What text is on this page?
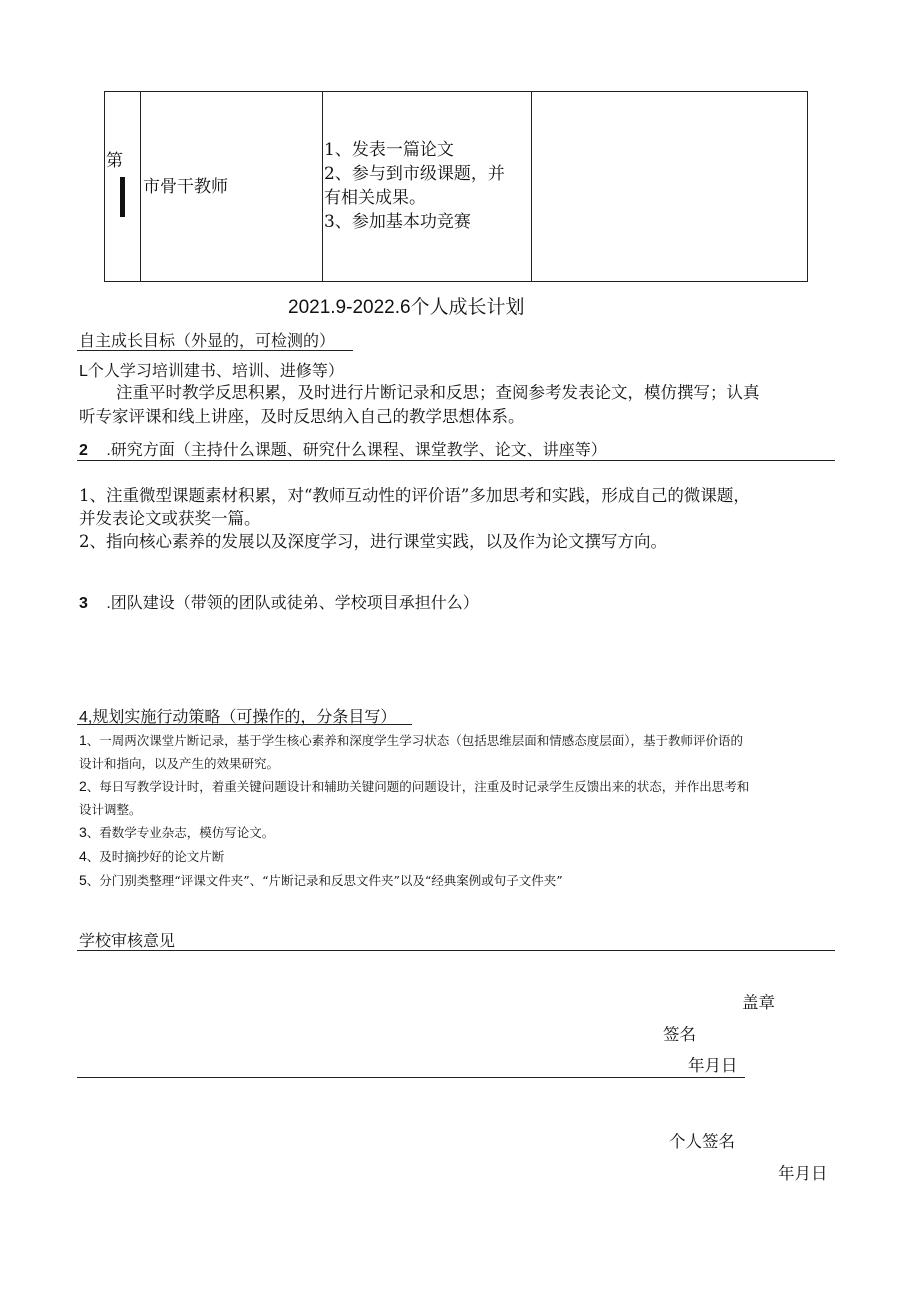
第
市骨干教师
1、发表一篇论文
2、参与到市级课题，并
有相关成果。
3、参加基本功竞赛
2021.9-2022.6个人成长计划
自主成长目标（外显的，可检测的）
L个人学习培训建书、培训、进修等）
注重平时教学反思积累，及时进行片断记录和反思；查阅参考发表论文，模仿撰写；认真
听专家评课和线上讲座，及时反思纳入自己的教学思想体系。
2 .研究方面（主持什么课题、研究什么课程、课堂教学、论文、讲座等）
1、注重微型课题素材积累，对“教师互动性的评价语”多加思考和实践，形成自己的微课题，
并发表论文或获奖一篇。
2、指向核心素养的发展以及深度学习，进行课堂实践，以及作为论文撰写方向。
3 .团队建设（带领的团队或徒弟、学校项目承担什么）
4,规划实施行动策略（可操作的，分条目写）
1、一周两次课堂片断记录，基于学生核心素养和深度学生学习状态（包括思维层面和情感态度层面），基于教师评价语的
设计和指向，以及产生的效果研究。
2、每日写教学设计时，着重关键问题设计和辅助关键问题的问题设计，注重及时记录学生反馈出来的状态，并作出思考和
设计调整。
3、看数学专业杂志，模仿写论文。
4、及时摘抄好的论文片断
5、分门别类整理“评课文件夹”、“片断记录和反思文件夹”以及“经典案例或句子文件夹”
学校审核意见
盖章
签名
年月日
个人签名
年月日
